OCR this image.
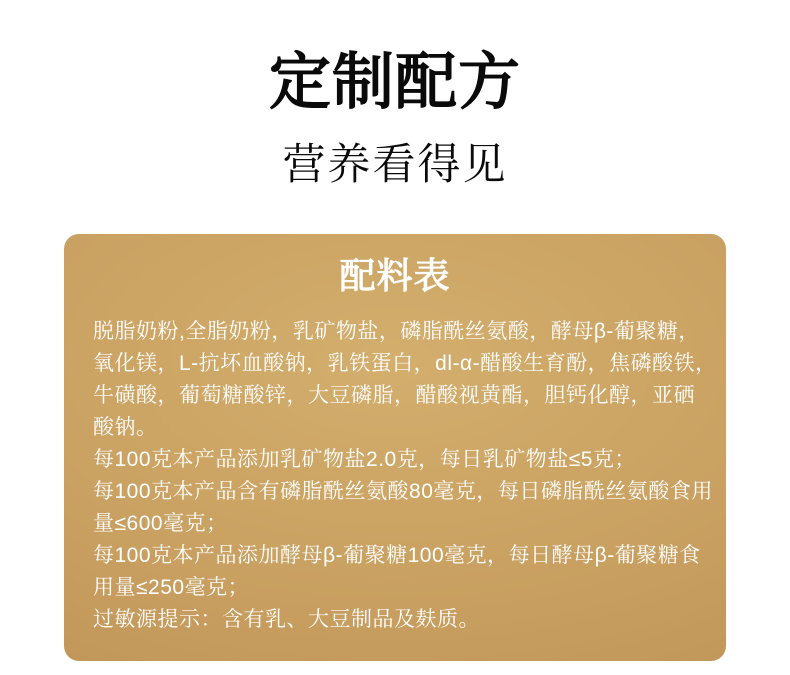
定制配方
营养看得见
配料表
脱脂奶粉,全脂奶粉，乳矿物盐，磷脂酰丝氨酸，酵母β-葡聚糖，
氧化镁，L-抗坏血酸钠，乳铁蛋白，dl-α-醋酸生育酚，焦磷酸铁，
牛磺酸，葡萄糖酸锌，大豆磷脂，醋酸视黄酯，胆钙化醇，亚硒
酸钠。
每100克本产品添加乳矿物盐2.0克，每日乳矿物盐≤5克；
每100克本产品含有磷脂酰丝氨酸80毫克，每日磷脂酰丝氨酸食用
量≤600毫克；
每100克本产品添加酵母β-葡聚糖100毫克，每日酵母β-葡聚糖食
用量≤250毫克；
过敏源提示：含有乳、大豆制品及麸质。
